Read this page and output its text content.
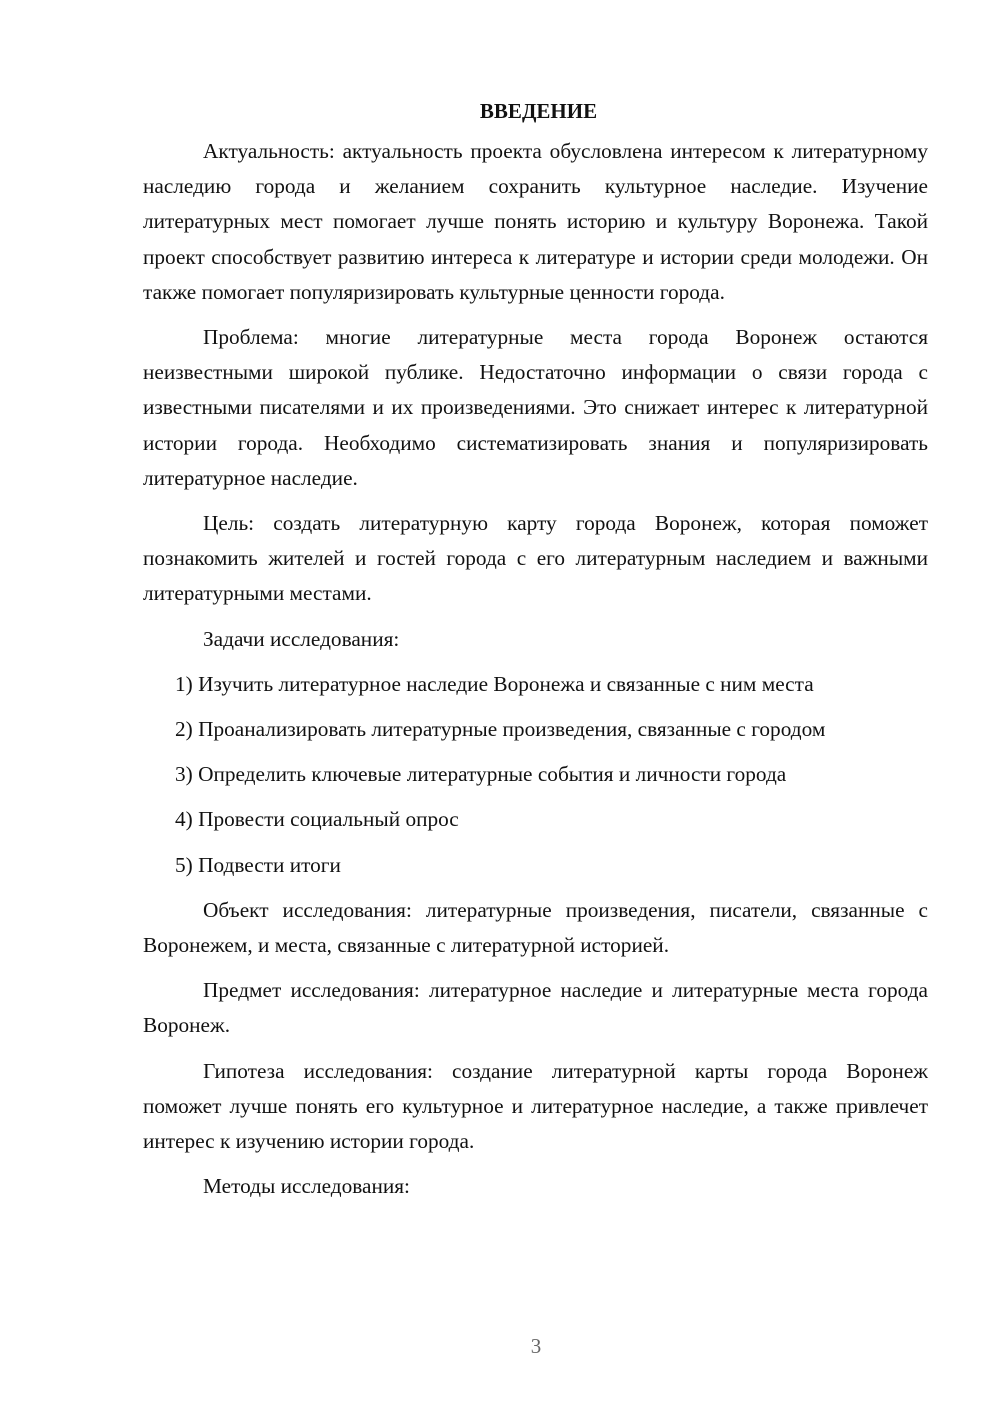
ВВЕДЕНИЕ

Актуальность: актуальность проекта обусловлена интересом к литературному наследию города и желанием сохранить культурное наследие. Изучение литературных мест помогает лучше понять историю и культуру Воронежа. Такой проект способствует развитию интереса к литературе и истории среди молодежи. Он также помогает популяризировать культурные ценности города.

Проблема: многие литературные места города Воронеж остаются неизвестными широкой публике. Недостаточно информации о связи города с известными писателями и их произведениями. Это снижает интерес к литературной истории города. Необходимо систематизировать знания и популяризировать литературное наследие.

Цель: создать литературную карту города Воронеж, которая поможет познакомить жителей и гостей города с его литературным наследием и важными литературными местами.

Задачи исследования:

1) Изучить литературное наследие Воронежа и связанные с ним места

2) Проанализировать литературные произведения, связанные с городом

3) Определить ключевые литературные события и личности города

4) Провести социальный опрос

5) Подвести итоги

Объект исследования: литературные произведения, писатели, связанные с Воронежем, и места, связанные с литературной историей.

Предмет исследования: литературное наследие и литературные места города Воронеж.

Гипотеза исследования: создание литературной карты города Воронеж поможет лучше понять его культурное и литературное наследие, а также привлечет интерес к изучению истории города.

Методы исследования:

3
